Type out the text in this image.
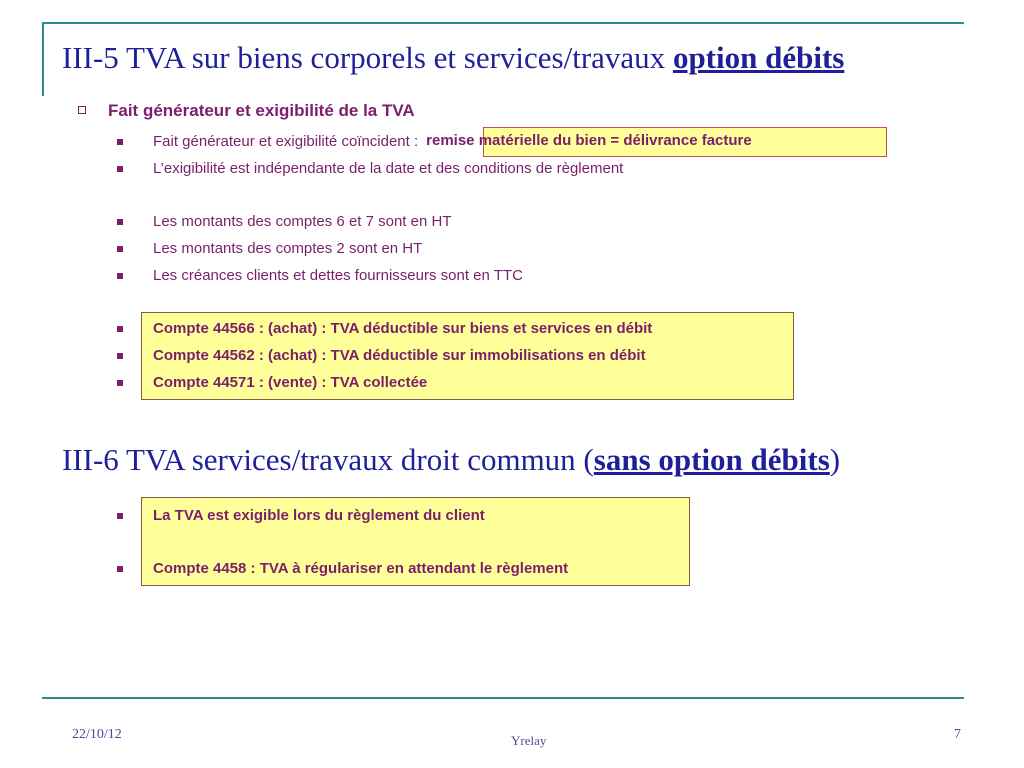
III-5 TVA sur biens corporels et services/travaux option débits
Fait générateur et exigibilité de la TVA
Fait générateur et exigibilité coïncident : remise matérielle du bien = délivrance facture
L’exigibilité est indépendante de la date et des conditions de règlement
Les montants des comptes 6 et 7 sont en HT
Les montants des comptes 2 sont en HT
Les créances clients et dettes fournisseurs sont en TTC
Compte 44566 : (achat) : TVA déductible sur biens et services en débit
Compte 44562 : (achat) : TVA déductible sur immobilisations en débit
Compte 44571 : (vente) : TVA collectée
III-6 TVA services/travaux droit commun (sans option débits)
La TVA est exigible lors du règlement du client
Compte 4458 : TVA à régulariser en attendant le règlement
22/10/12	Yrelay	7
